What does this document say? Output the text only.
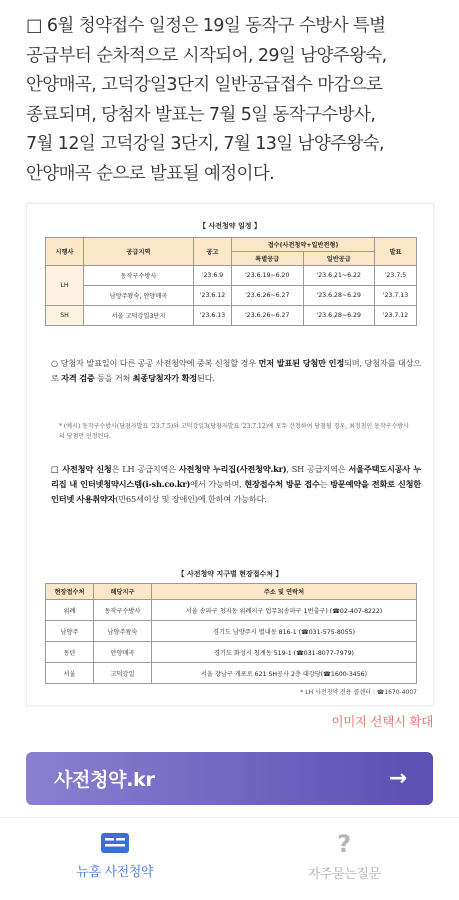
□ 6월 청약접수 일정은 19일 동작구 수방사 특별
공급부터 순차적으로 시작되어, 29일 남양주왕숙,
안양매곡, 고덕강일3단지 일반공급접수 마감으로
종료되며, 당첨자 발표는 7월 5일 동작구수방사,
7월 12일 고덕강일 3단지, 7월 13일 남양주왕숙,
안양매곡 순으로 발표될 예정이다.
【 사전청약 일정 】
시행사	공급지역	공고	접수(사전청약+일반전형)		발표
			특별공급	일반공급	
LH	동작구수방사	'23.6.9	'23.6.19~6.20	'23.6.21~6.22	'23.7.5
	남양주왕숙, 안양매곡	'23.6.12	'23.6.26~6.27	'23.6.28~6.29	'23.7.13
SH	서울 고덕강일3단지	'23.6.13	'23.6.26~6.27	'23.6.28~6.29	'23.7.12
○ 당첨자 발표일이 다른 공공 사전청약에 중복 신청할 경우 먼저 발표된 당첨만 인정되며, 당첨자를 대상으로 자격 검증 등을 거쳐 최종당첨자가 확정된다.
* (예시) 동작구수방사(당첨자발표 '23.7.5)와 고덕강일3(당첨자발표 '23.7.12)에 모두 신청하여 당첨될 경우, 최정첨인 동작구수방사의 당첨만 인정된다.
□ 사전청약 신청은 LH 공급지역은 사전청약 누리집(사전청약.kr), SH 공급지역은 서울주택도시공사 누리집 내 인터넷청약시스템(i-sh.co.kr)에서 가능하며, 현장접수처 방문 접수는 방문예약을 전화로 신청한 인터넷 사용취약자(만65세이상 및 장애인)에 한하여 가능하다.
【 사전청약 지구별 현장접수처 】
현장접수처	해당지구	주소 및 연락처
위례	동작구수방사	서울 송파구 청지동 위례지구 업무3(송파구 1번출구) (☎02-407-8222)
남양주	남양주왕숙	경기도 남양주시 별내동 816-1 (☎031-575-8055)
동탄	안양매곡	경기도 화성시 청계동 519-1 (☎031-8077-7979)
서울	고덕강일	서울 강남구 개포로 621 SH공사 2층 대강당(☎1600-3456)
* LH 사전청약 전용 콜센터 : ☎1670-4007
이미지 선택시 확대
사전청약.kr	→
뉴홈 사전청약
?
자주묻는질문
